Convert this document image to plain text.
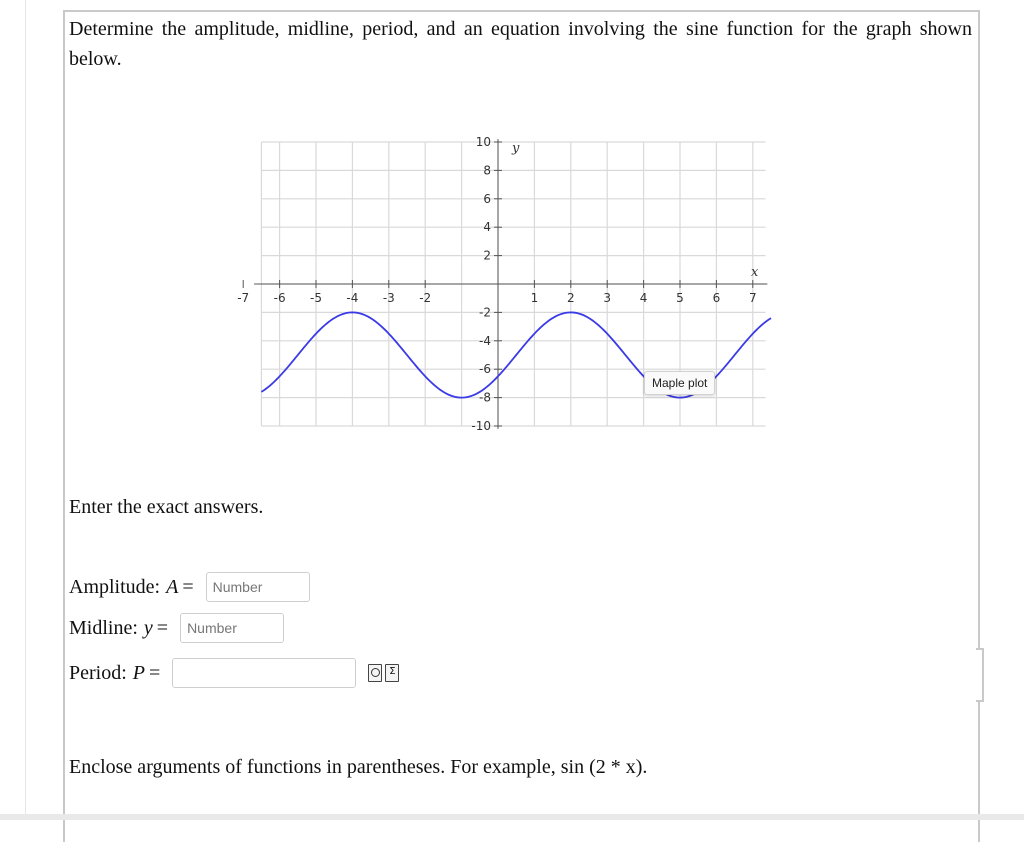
Determine the amplitude, midline, period, and an equation involving the sine function for the graph shown below.
-7 -6 -5 -4 -3 -2	1 2 3 4 5 6 7
10
8
6
4
2
-2
-4
-6
-8
-10
x
y
Maple plot
Enter the exact answers.
Amplitude: A =
Number
Midline: y =
Number
Period: P =
Σ
Enclose arguments of functions in parentheses. For example, sin (2 * x).
